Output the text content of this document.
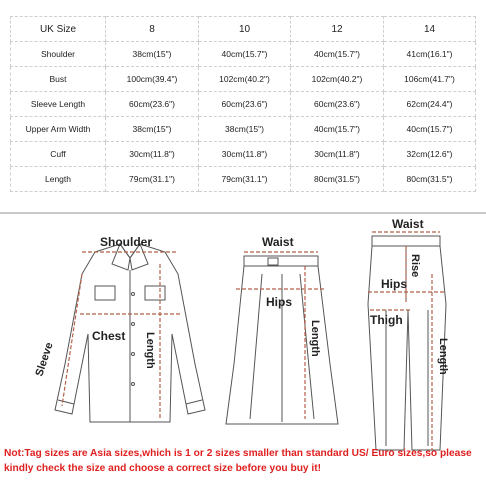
UK Size	8	10	12	14
Shoulder	38cm(15")	40cm(15.7")	40cm(15.7")	41cm(16.1")
Bust	100cm(39.4")	102cm(40.2")	102cm(40.2")	106cm(41.7")
Sleeve Length	60cm(23.6")	60cm(23.6")	60cm(23.6")	62cm(24.4")
Upper Arm Width	38cm(15")	38cm(15")	40cm(15.7")	40cm(15.7")
Cuff	30cm(11.8")	30cm(11.8")	30cm(11.8")	32cm(12.6")
Length	79cm(31.1")	79cm(31.1")	80cm(31.5")	80cm(31.5")
Shoulder
Chest
Sleeve	Length
Waist
Hips
Length
Waist
Rise
Hips
Thigh
Length
Not:Tag sizes are Asia sizes,which is 1 or 2 sizes smaller than standard US/ Euro sizes,so please kindly check the size and choose a correct size before you buy it!
